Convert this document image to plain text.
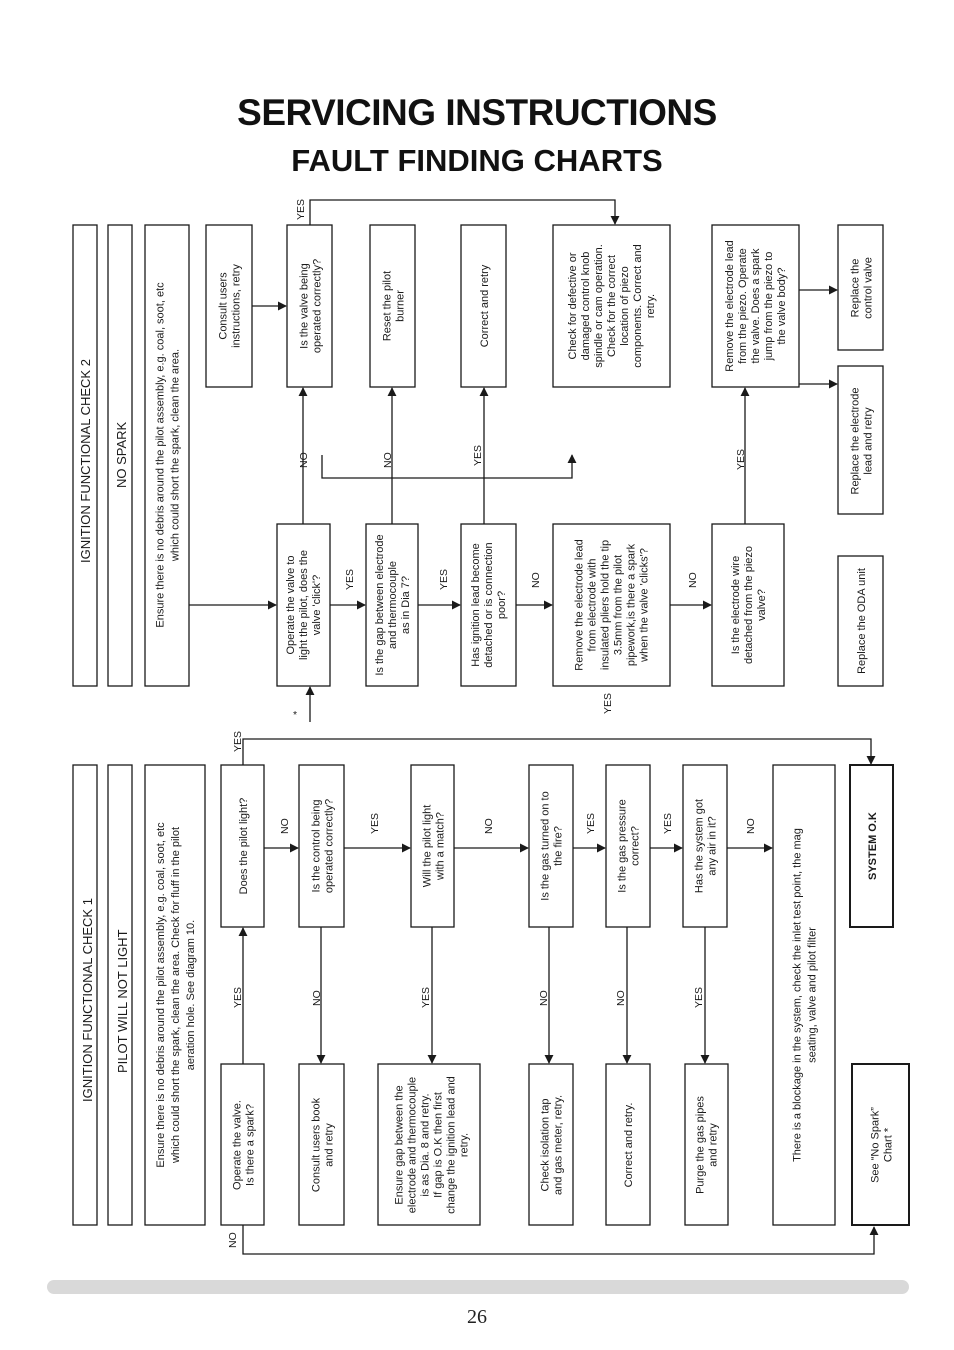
SERVICING INSTRUCTIONS
FAULT FINDING CHARTS
IGNITION FUNCTIONAL CHECK 2 NO SPARK Ensure there is no debris around the pilot assembly, e.g. coal, soot, etc which could short the spark, clean the area.
Operate the valve tolight the pilot, does thevalve 'click'?	Is the gap between electrodeand thermocoupleas in Dia 7?	Has ignition lead becomedetached or is connectionpoor?	Remove the electrode leadfrom electrode withinsulated pliers hold the tip3.5mm from the pilotpipework,is there a sparkwhen the valve 'clicks'?	Is the electrode wiredetached from the piezovalve?
Consult usersinstructions, retry	Is the valve beingoperated correctly?	Reset the pilotburner	Correct and retry	Check for defective ordamaged control knobspindle or cam operation.Check for the correctlocation of piezocomponents. Correct andretry.	Remove the electrode leadfrom the piezo. Operatethe valve. Does a sparkjump from the piezo tothe valve body?	Replace thecontrol valve
Replace the electrodelead and retry
Replace the ODA unit
NO	NO	YES
YES	YES	NO	NO
YES
YES
YES
*
IGNITION FUNCTIONAL CHECK 1 PILOT WILL NOT LIGHT Ensure there is no debris around the pilot assembly, e.g. coal, soot, etc which could short the spark, clean the area. Check for fluff in the pilot aeration hole. See diagram 10.
Operate the valve.Is there a spark?
Does the pilot light?	Is the control beingoperated correctly?
Consult users bookand retry
Will the pilot lightwith a match?
Ensure gap between theelectrode and thermocoupleis as Dia. 8 and retry.If gap is O.K then firstchange the ignition lead andretry.
Is the gas turned on tothe fire?
Check isolation tapand gas meter, retry.
Is the gas pressurecorrect?
Correct and retry.
Has the system gotany air in it?
Purge the gas pipesand retry	There is a blockage in the system, check the inlet test point, the mag seating, valve and pilot filter
SYSTEM O.K
See “No Spark”Chart *
YES
NO
NO
YES
YES
NO
NO
YES
NO
YES
YES
NO
YES
NO
26
